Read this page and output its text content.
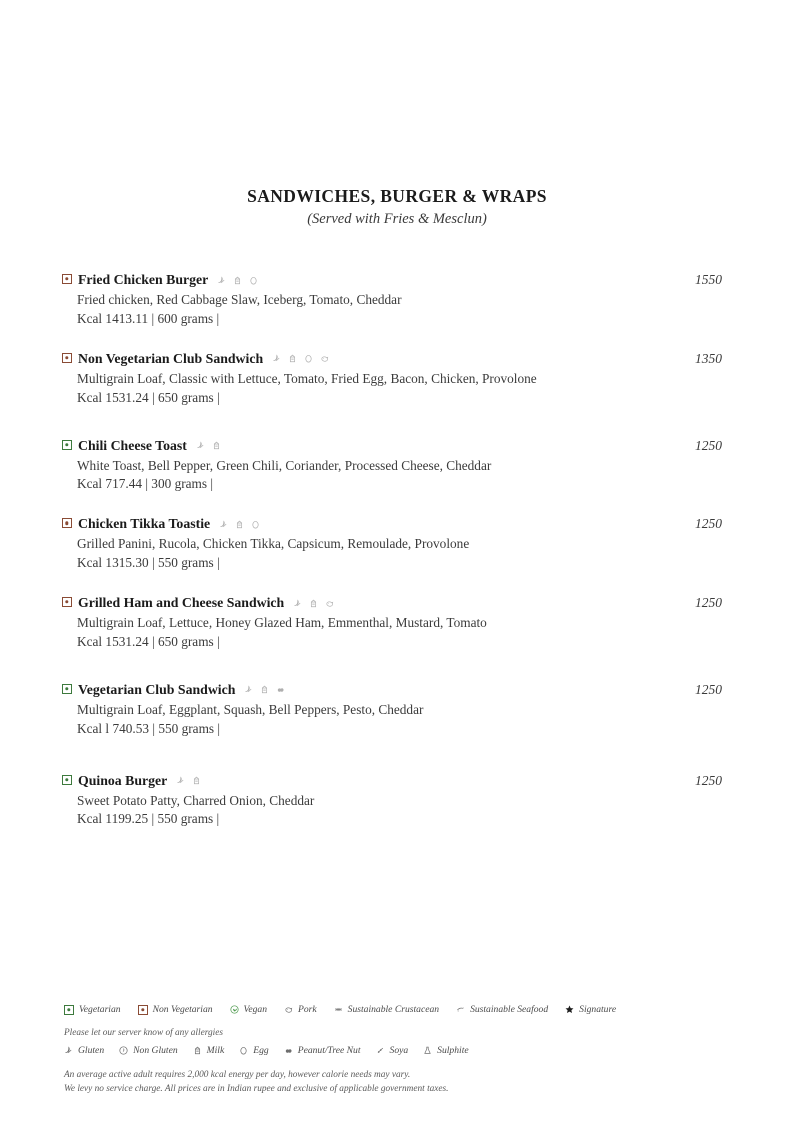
SANDWICHES, BURGER & WRAPS
(Served with Fries & Mesclun)
Fried Chicken Burger	1550
Fried chicken, Red Cabbage Slaw, Iceberg, Tomato, Cheddar
Kcal 1413.11 | 600 grams |
Non Vegetarian Club Sandwich	1350
Multigrain Loaf, Classic with Lettuce, Tomato, Fried Egg, Bacon, Chicken, Provolone
Kcal 1531.24 | 650 grams |
Chili Cheese Toast	1250
White Toast, Bell Pepper, Green Chili, Coriander, Processed Cheese, Cheddar
Kcal 717.44 | 300 grams |
Chicken Tikka Toastie	1250
Grilled Panini, Rucola, Chicken Tikka, Capsicum, Remoulade, Provolone
Kcal 1315.30 | 550 grams |
Grilled Ham and Cheese Sandwich	1250
Multigrain Loaf, Lettuce, Honey Glazed Ham, Emmenthal, Mustard, Tomato
Kcal 1531.24 | 650 grams |
Vegetarian Club Sandwich	1250
Multigrain Loaf, Eggplant, Squash, Bell Peppers, Pesto, Cheddar
Kcal l 740.53 | 550 grams |
Quinoa Burger	1250
Sweet Potato Patty, Charred Onion, Cheddar
Kcal 1199.25 | 550 grams |
Vegetarian	Non Vegetarian	Vegan	Pork	Sustainable Crustacean	Sustainable Seafood	Signature
Please let our server know of any allergies
Gluten	Non Gluten	Milk	Egg	Peanut/Tree Nut	Soya	Sulphite
An average active adult requires 2,000 kcal energy per day, however calorie needs may vary.
We levy no service charge. All prices are in Indian rupee and exclusive of applicable government taxes.
